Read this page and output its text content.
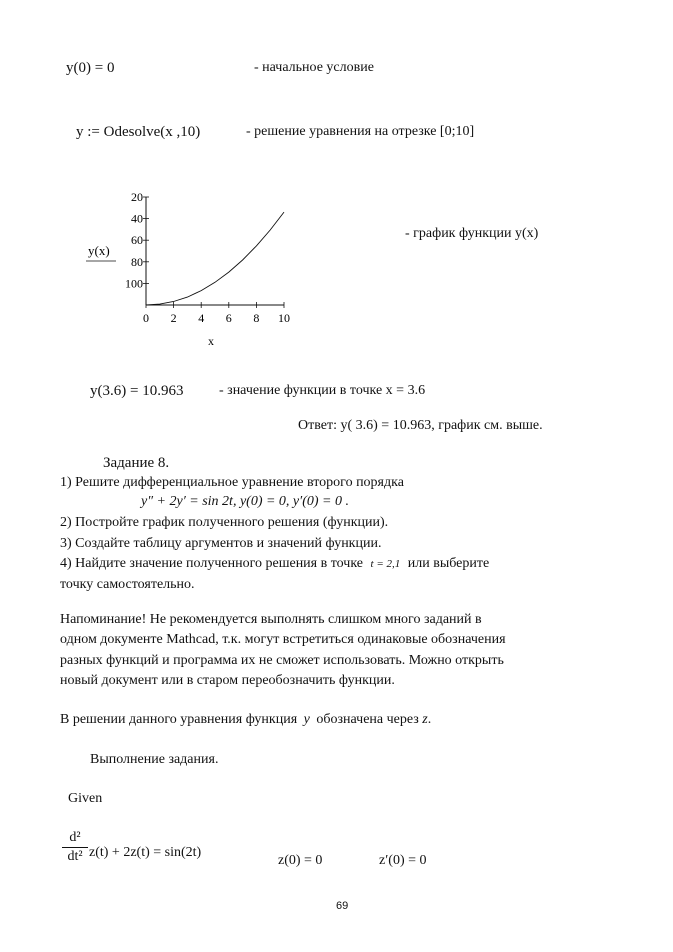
y(0) = 0	- начальное условие
y := Odesolve(x ,10)	- решение уравнения на отрезке [0;10]
y(x)
x
100
80
60
40
20
0 2 4 6 8 10
- график функции y(x)
y(3.6) = 10.963	- значение функции в точке x = 3.6
Ответ: y( 3.6) = 10.963, график см. выше.
Задание 8.
1) Решите дифференциальное уравнение второго порядка
y″ + 2y′ = sin 2t, y(0) = 0, y′(0) = 0 .
2) Постройте график полученного решения (функции).
3) Создайте таблицу аргументов и значений функции.
4) Найдите значение полученного решения в точке t = 2,1 или выберите
точку самостоятельно.
Напоминание! Не рекомендуется выполнять слишком много заданий в
одном документе Mathcad, т.к. могут встретиться одинаковые обозначения
разных функций и программа их не сможет использовать. Можно открыть
новый документ или в старом переобозначить функции.
В решении данного уравнения функция y обозначена через z.
Выполнение задания.
Given
$\frac{\text{d²}}{\text{dt²}} z(t) + 2z(t) = \sin(2t)$
z(0) = 0	z′(0) = 0
69
